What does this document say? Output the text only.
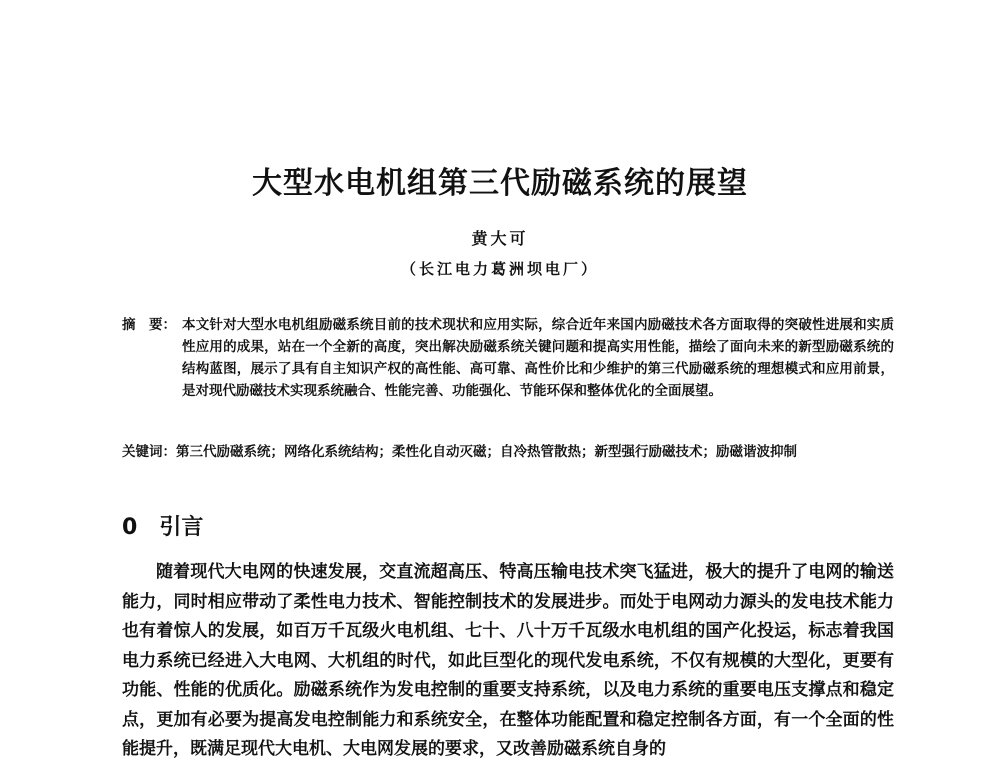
大型水电机组第三代励磁系统的展望
黄大可
（长江电力葛洲坝电厂）
摘　要： 本文针对大型水电机组励磁系统目前的技术现状和应用实际，综合近年来国内励磁技术各方面取得的突破性进展和实质性应用的成果，站在一个全新的高度，突出解决励磁系统关键问题和提高实用性能，描绘了面向未来的新型励磁系统的结构蓝图，展示了具有自主知识产权的高性能、高可靠、高性价比和少维护的第三代励磁系统的理想模式和应用前景，是对现代励磁技术实现系统融合、性能完善、功能强化、节能环保和整体优化的全面展望。
关键词：第三代励磁系统；网络化系统结构；柔性化自动灭磁；自冷热管散热；新型强行励磁技术；励磁谐波抑制
0 引言
随着现代大电网的快速发展，交直流超高压、特高压输电技术突飞猛进，极大的提升了电网的输送能力，同时相应带动了柔性电力技术、智能控制技术的发展进步。而处于电网动力源头的发电技术能力也有着惊人的发展，如百万千瓦级火电机组、七十、八十万千瓦级水电机组的国产化投运，标志着我国电力系统已经进入大电网、大机组的时代，如此巨型化的现代发电系统，不仅有规模的大型化，更要有功能、性能的优质化。励磁系统作为发电控制的重要支持系统，以及电力系统的重要电压支撑点和稳定点，更加有必要为提高发电控制能力和系统安全，在整体功能配置和稳定控制各方面，有一个全面的性能提升，既满足现代大电机、大电网发展的要求，又改善励磁系统自身的
